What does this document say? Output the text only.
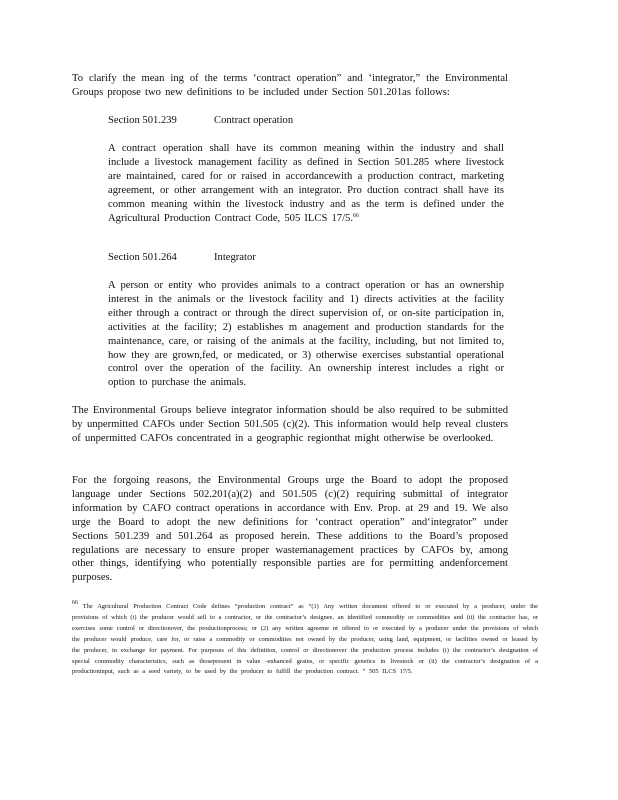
To clarify the mean ing of the terms ‘contract operation” and ‘integrator,” the Environmental Groups propose two new definitions to be included under Section 501.201as follows:
Section 501.239	Contract operation
A contract operation shall have its common meaning within the industry and shall include a livestock management facility as defined in Section 501.285 where livestock are maintained, cared for or raised in accordancewith a production contract, marketing agreement, or other arrangement with an integrator. Pro duction contract shall have its common meaning within the livestock industry and as the term is defined under the Agricultural Production Contract Code, 505 ILCS 17/5.66
Section 501.264	Integrator
A person or entity who provides animals to a contract operation or has an ownership interest in the animals or the livestock facility and 1) directs activities at the facility either through a contract or through the direct supervision of, or on-site participation in, activities at the facility; 2) establishes m anagement and production standards for the maintenance, care, or raising of the animals at the facility, including, but not limited to, how they are grown,fed, or medicated, or 3) otherwise exercises substantial operational control over the operation of the facility. An ownership interest includes a right or option to purchase the animals.
The Environmental Groups believe integrator information should be also required to be submitted by unpermitted CAFOs under Section 501.505 (c)(2). This information would help reveal clusters of unpermitted CAFOs concentrated in a geographic regionthat might otherwise be overlooked.
For the forgoing reasons, the Environmental Groups urge the Board to adopt the proposed language under Sections 502.201(a)(2) and 501.505 (c)(2) requiring submittal of integrator information by CAFO contract operations in accordance with Env. Prop. at 29 and 19. We also urge the Board to adopt the new definitions for ‘contract operation” and‘integrator” under Sections 501.239 and 501.264 as proposed herein. These additions to the Board’s proposed regulations are necessary to ensure proper wastemanagement practices by CAFOs by, among other things, identifying who potentially responsible parties are for permitting andenforcement purposes.
$^{66}$ The Agricultural Production Contract Code defines “production contract” as “(1) Any written document offered to or executed by a producer, under the provisions of which (i) the producer would sell to a contractor, or the contractor’s designee, an identified commodity or commodities and (ii) the contractor has, or exercises some control or directionover, the productionprocess; or (2) any written agreeme nt offered to or executed by a producer under the provisions of which the producer would produce, care for, or raise a commodity or commodities not owned by the producer, using land, equipment, or facilities owned or leased by the producer, in exchange for payment. For purposes of this definition, control or directionover the production process includes (i) the contractor’s designation of special commodity characteristics, such as thosepresent in value -enhanced grains, or specific genetics in livestock or (ii) the contractor’s designation of a productioninput, such as a seed variety, to be used by the producer to fulfill the production contract. ” 505 ILCS 17/5.
